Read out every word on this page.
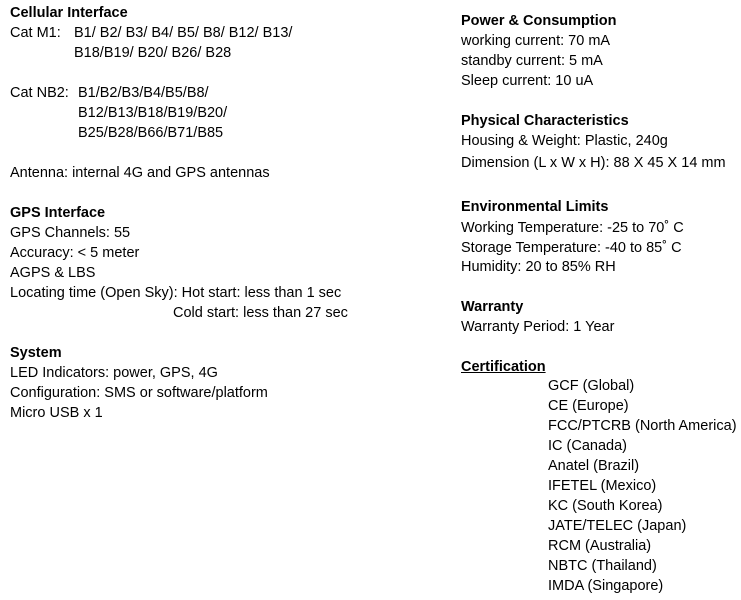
Cellular Interface
Cat M1: B1/ B2/ B3/ B4/ B5/ B8/ B12/ B13/
B18/B19/ B20/ B26/ B28
Cat NB2: B1/B2/B3/B4/B5/B8/
B12/B13/B18/B19/B20/
B25/B28/B66/B71/B85
Antenna: internal 4G and GPS antennas
GPS Interface
GPS Channels: 55
Accuracy: < 5 meter
AGPS & LBS
Locating time (Open Sky): Hot start: less than 1 sec
Cold start: less than 27 sec
System
LED Indicators: power, GPS, 4G
Configuration: SMS or software/platform
Micro USB x 1
Power & Consumption
working current: 70 mA
standby current: 5 mA
Sleep current: 10 uA
Physical Characteristics
Housing & Weight: Plastic, 240g
Dimension (L x W x H): 88 X 45 X 14 mm
Environmental Limits
Working Temperature: -25 to 70˚ C
Storage Temperature: -40 to 85˚ C
Humidity: 20 to 85% RH
Warranty
Warranty Period: 1 Year
Certification
GCF (Global)
CE (Europe)
FCC/PTCRB (North America)
IC (Canada)
Anatel (Brazil)
IFETEL (Mexico)
KC (South Korea)
JATE/TELEC (Japan)
RCM (Australia)
NBTC (Thailand)
IMDA (Singapore)
